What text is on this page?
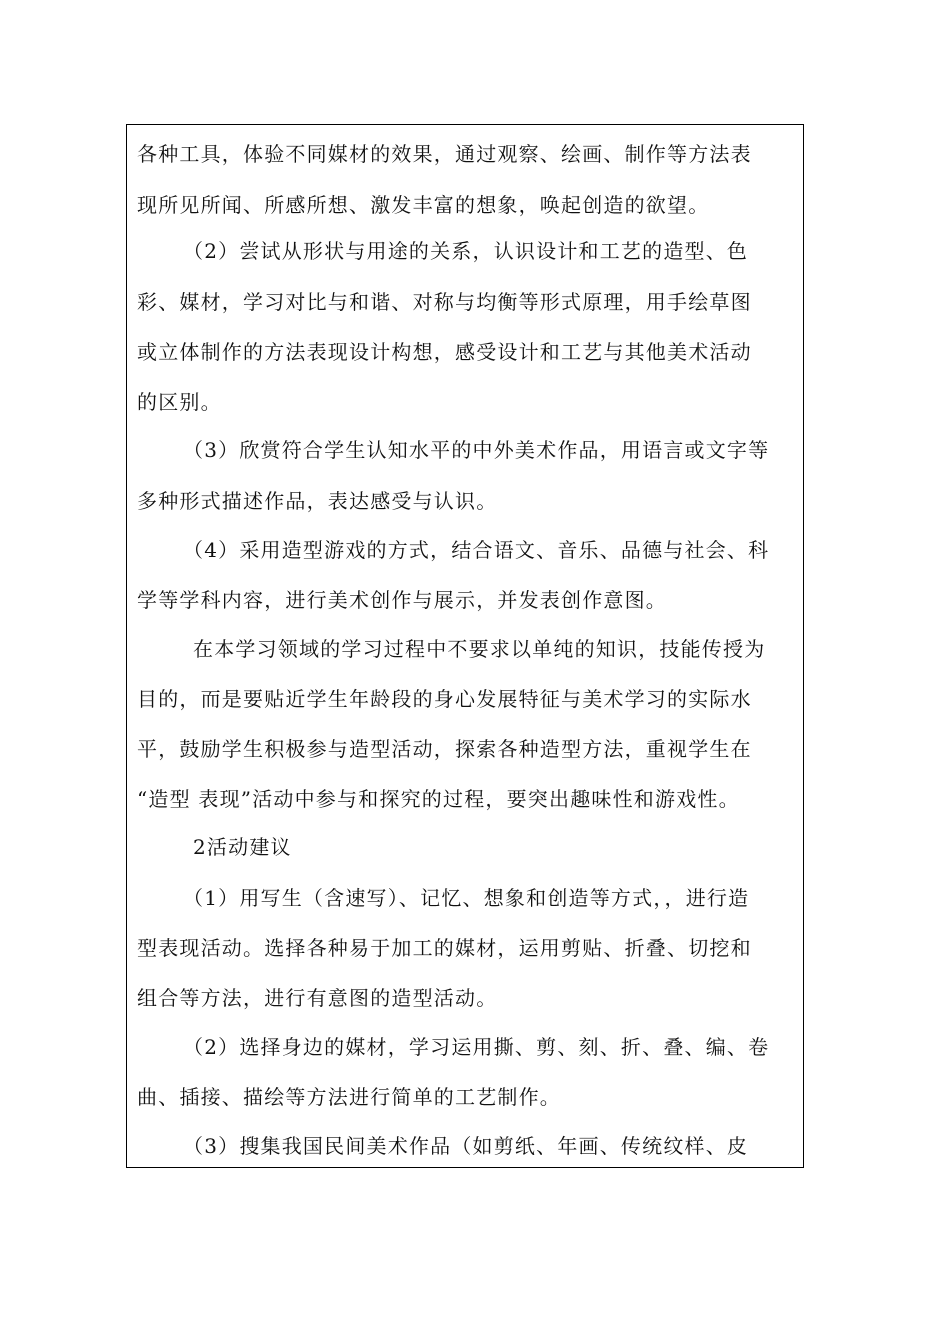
各种工具，体验不同媒材的效果，通过观察、绘画、制作等方法表
现所见所闻、所感所想、激发丰富的想象，唤起创造的欲望。
（2）尝试从形状与用途的关系，认识设计和工艺的造型、色
彩、媒材，学习对比与和谐、对称与均衡等形式原理，用手绘草图
或立体制作的方法表现设计构想，感受设计和工艺与其他美术活动
的区别。
（3）欣赏符合学生认知水平的中外美术作品，用语言或文字等
多种形式描述作品，表达感受与认识。
（4）采用造型游戏的方式，结合语文、音乐、品德与社会、科
学等学科内容，进行美术创作与展示，并发表创作意图。
在本学习领域的学习过程中不要求以单纯的知识，技能传授为
目的，而是要贴近学生年龄段的身心发展特征与美术学习的实际水
平，鼓励学生积极参与造型活动，探索各种造型方法，重视学生在
“造型 表现”活动中参与和探究的过程，要突出趣味性和游戏性。
2活动建议
（1）用写生（含速写）、记忆、想象和创造等方式，，进行造
型表现活动。选择各种易于加工的媒材，运用剪贴、折叠、切挖和
组合等方法，进行有意图的造型活动。
（2）选择身边的媒材，学习运用撕、剪、刻、折、叠、编、卷
曲、插接、描绘等方法进行简单的工艺制作。
（3）搜集我国民间美术作品（如剪纸、年画、传统纹样、皮
